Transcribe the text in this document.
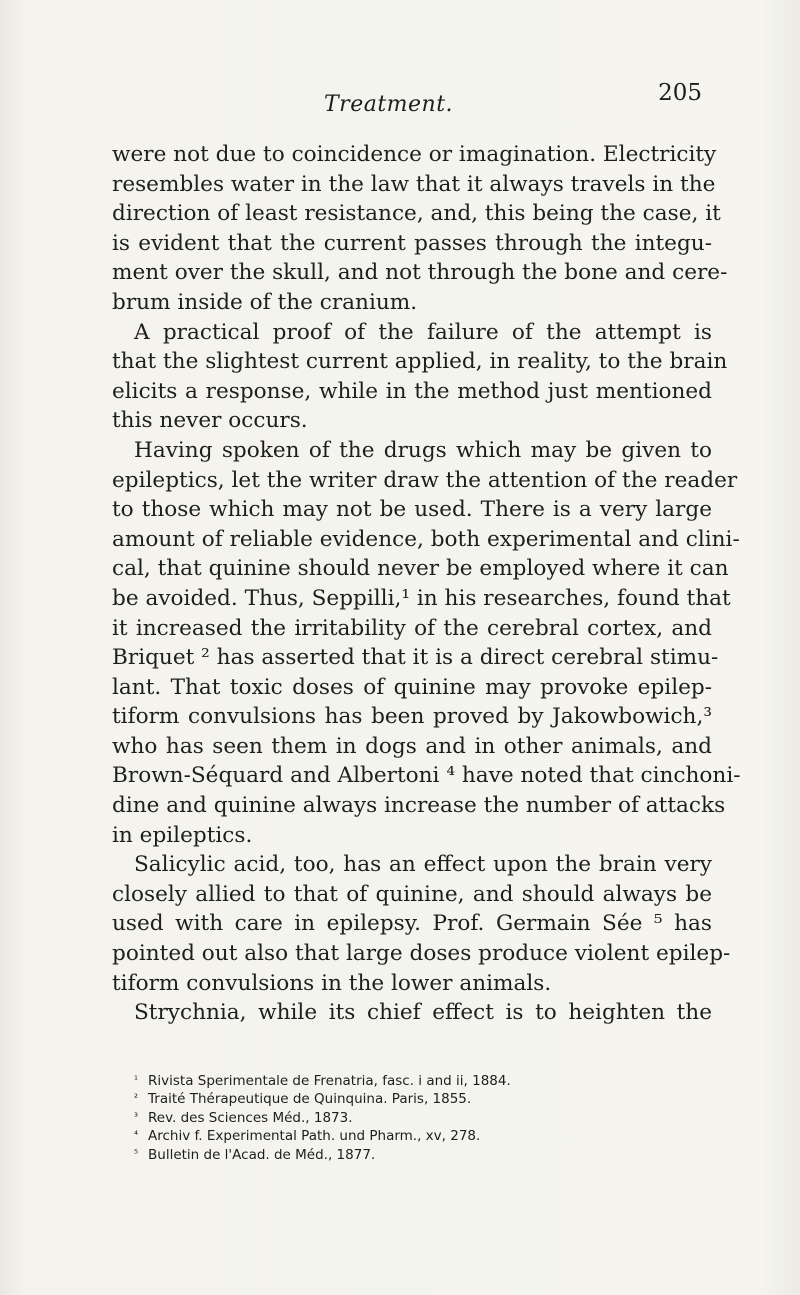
Treatment.	205
were not due to coincidence or imagination. Electricity
resembles water in the law that it always travels in the
direction of least resistance, and, this being the case, it
is evident that the current passes through the integu-
ment over the skull, and not through the bone and cere-
brum inside of the cranium.
A practical proof of the failure of the attempt is
that the slightest current applied, in reality, to the brain
elicits a response, while in the method just mentioned
this never occurs.
Having spoken of the drugs which may be given to
epileptics, let the writer draw the attention of the reader
to those which may not be used. There is a very large
amount of reliable evidence, both experimental and clini-
cal, that quinine should never be employed where it can
be avoided. Thus, Seppilli,¹ in his researches, found that
it increased the irritability of the cerebral cortex, and
Briquet ² has asserted that it is a direct cerebral stimu-
lant. That toxic doses of quinine may provoke epilep-
tiform convulsions has been proved by Jakowbowich,³
who has seen them in dogs and in other animals, and
Brown-Séquard and Albertoni ⁴ have noted that cinchoni-
dine and quinine always increase the number of attacks
in epileptics.
Salicylic acid, too, has an effect upon the brain very
closely allied to that of quinine, and should always be
used with care in epilepsy. Prof. Germain Sée ⁵ has
pointed out also that large doses produce violent epilep-
tiform convulsions in the lower animals.
Strychnia, while its chief effect is to heighten the
¹ Rivista Sperimentale de Frenatria, fasc. i and ii, 1884.
² Traité Thérapeutique de Quinquina. Paris, 1855.
³ Rev. des Sciences Méd., 1873.
⁴ Archiv f. Experimental Path. und Pharm., xv, 278.
⁵ Bulletin de l'Acad. de Méd., 1877.
